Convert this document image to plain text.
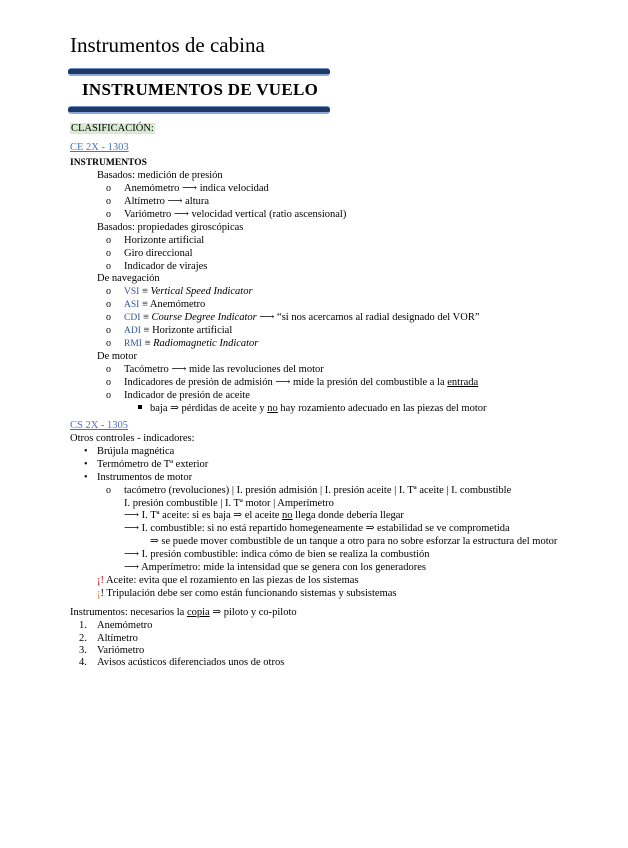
Instrumentos de cabina
INSTRUMENTOS DE VUELO
CLASIFICACIÓN:
CE 2X - 1303
INSTRUMENTOS
Basados: medición de presión
o Anemómetro ⟶ indica velocidad
o Altímetro ⟶ altura
o Variómetro ⟶ velocidad vertical (ratio ascensional)
Basados: propiedades giroscópicas
o Horizonte artificial
o Giro direccional
o Indicador de virajes
De navegación
o VSI ≡ Vertical Speed Indicator
o ASI ≡ Anemómetro
o CDI ≡ Course Degree Indicator ⟶ “si nos acercamos al radial designado del VOR”
o ADI ≡ Horizonte artificial
o RMI ≡ Radiomagnetic Indicator
De motor
o Tacómetro ⟶ mide las revoluciones del motor
o Indicadores de presión de admisión ⟶ mide la presión del combustible a la entrada
o Indicador de presión de aceite
baja ⇒ pérdidas de aceite y no hay rozamiento adecuado en las piezas del motor
CS 2X - 1305
Otros controles - indicadores:
• Brújula magnética
• Termómetro de Tª exterior
• Instrumentos de motor
o tacómetro (revoluciones) | I. presión admisión | I. presión aceite | I. Tª aceite | I. combustible
I. presión combustible | I. Tª motor | Amperímetro
⟶ I. Tª aceite: si es baja ⇒ el aceite no llega donde debería llegar
⟶ I. combustible: si no está repartido homegeneamente ⇒ estabilidad se ve comprometida
⇒ se puede mover combustible de un tanque a otro para no sobre esforzar la estructura del motor
⟶ I. presión combustible: indica cómo de bien se realiza la combustión
⟶ Amperímetro: mide la intensidad que se genera con los generadores
¡! Aceite: evita que el rozamiento en las piezas de los sistemas
¡! Tripulación debe ser como están funcionando sistemas y subsistemas
Instrumentos: necesarios la copia ⇒ piloto y co-piloto
1. Anemómetro
2. Altímetro
3. Variómetro
4. Avisos acústicos diferenciados unos de otros
